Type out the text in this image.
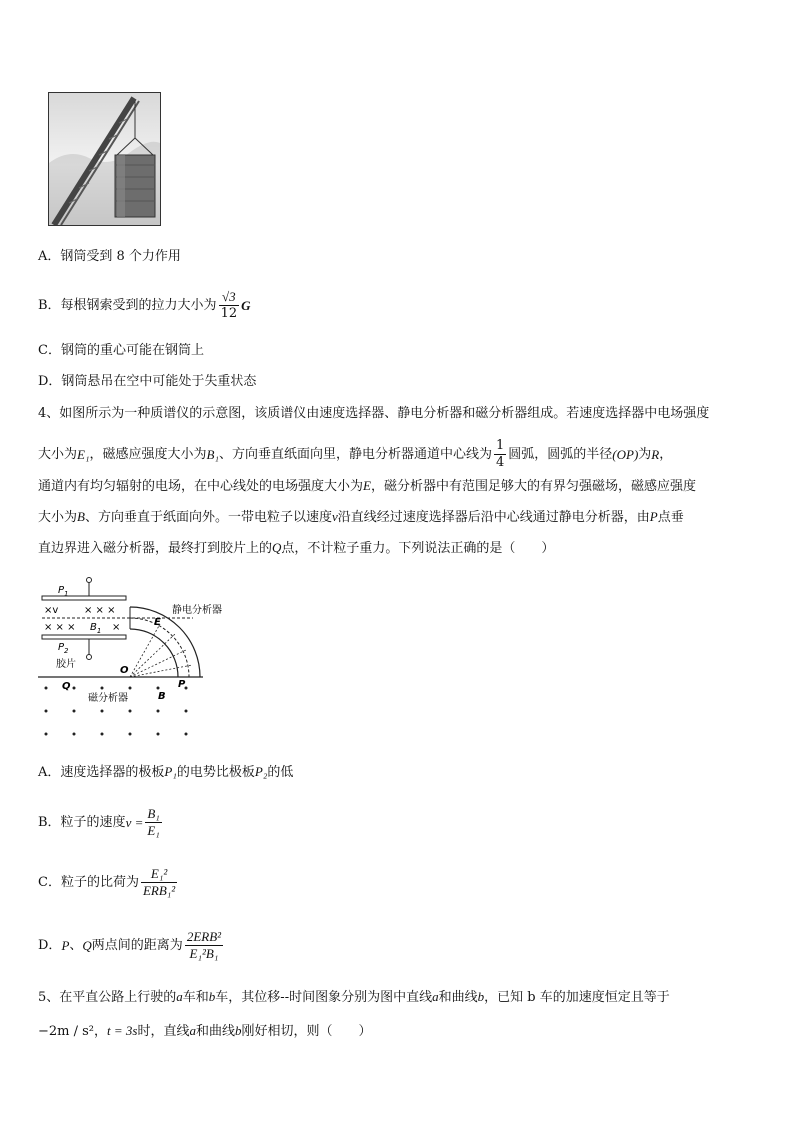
A．钢筒受到 8 个力作用
B．每根钢索受到的拉力大小为 $\frac{√3}{12}$ G
C．钢筒的重心可能在钢筒上
D．钢筒悬吊在空中可能处于失重状态
4、如图所示为一种质谱仪的示意图，该质谱仪由速度选择器、静电分析器和磁分析器组成。若速度选择器中电场强度
大小为 E₁ ，磁感应强度大小为 B₁ 、方向垂直纸面向里，静电分析器通道中心线为 $\frac{1}{4}$ 圆弧，圆弧的半径 (OP) 为 R ，
通道内有均匀辐射的电场，在中心线处的电场强度大小为E，磁分析器中有范围足够大的有界匀强磁场，磁感应强度
大小为B、方向垂直于纸面向外。一带电粒子以速度v沿直线经过速度选择器后沿中心线通过静电分析器，由P点垂
直边界进入磁分析器，最终打到胶片上的Q点，不计粒子重力。下列说法正确的是（　　）
$P_1$
$P_2$
×v	× × ×
× × × $B_1$ ×
胶片
O
Q	P
E
B
静电分析器
磁分析器
A．速度选择器的极板P₁的电势比极板P₂的低
B．粒子的速度 $v = \frac{\text{B₁}}{\text{E₁}}$
C．粒子的比荷为 $\frac{\text{E₁²}}{\text{ERB₁²}}$
D． P 、 Q 两点间的距离为 $\frac{\text{2ERB²}}{\text{E₁²B₁}}$
5、在平直公路上行驶的a车和b车，其位移--时间图象分别为图中直线a和曲线b，已知 b 车的加速度恒定且等于
−2m / s²，t = 3s时，直线a和曲线b刚好相切，则（　　）
